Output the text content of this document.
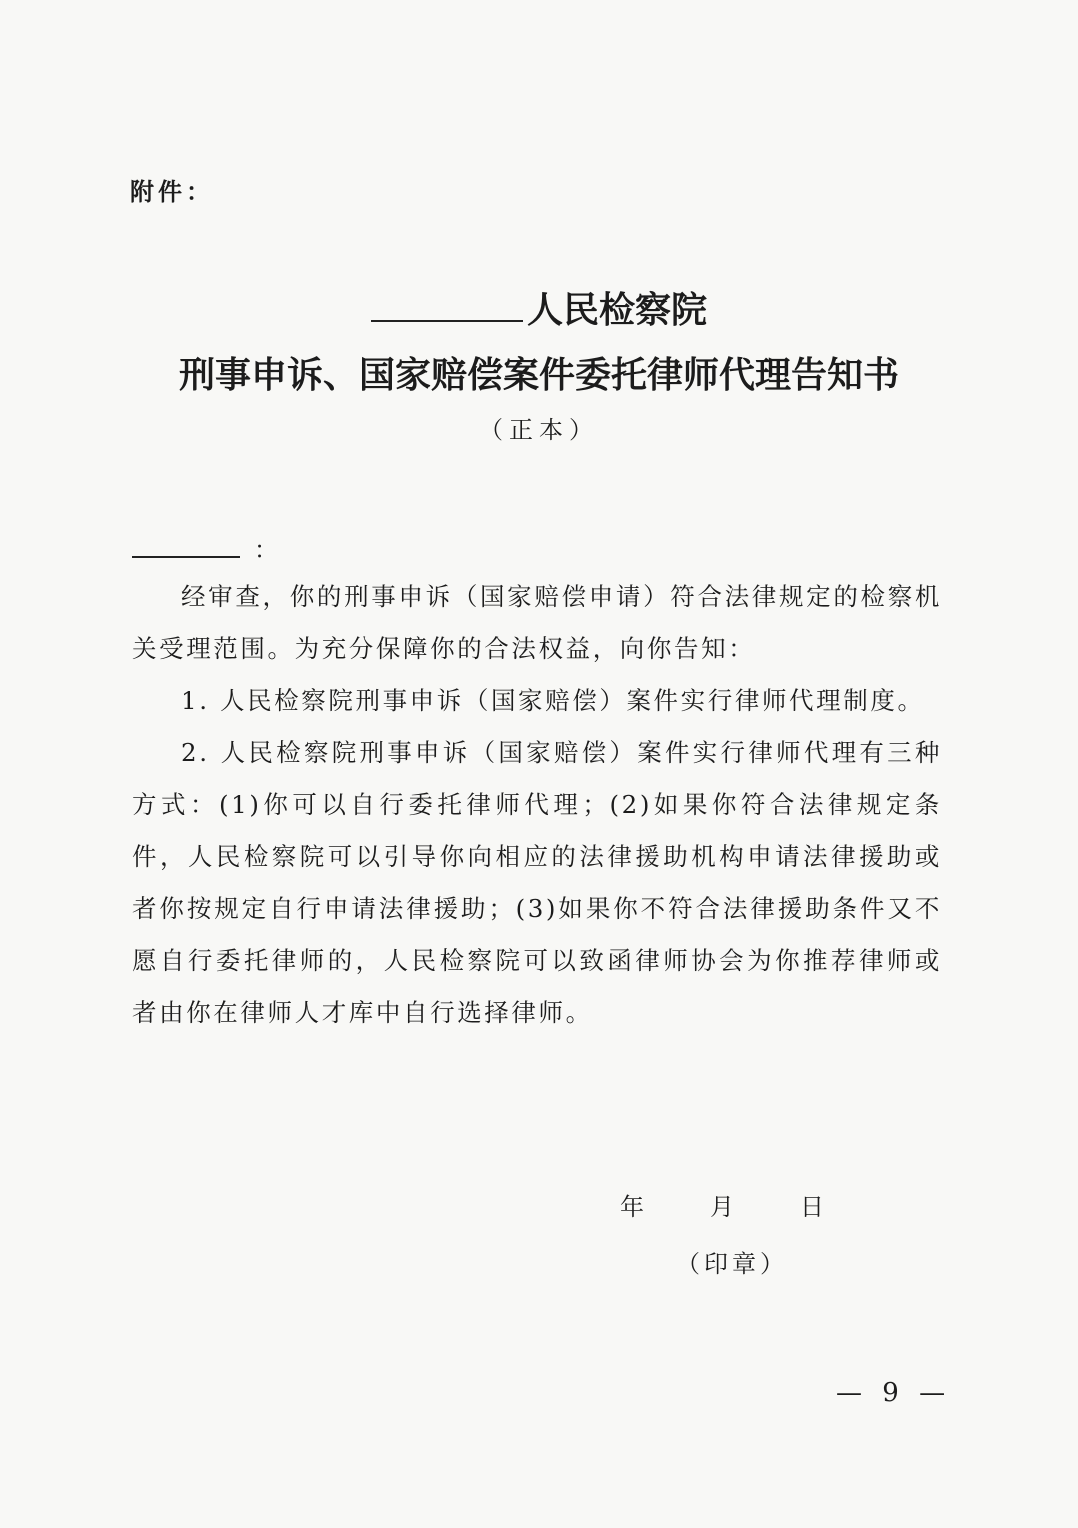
附件：
人民检察院
刑事申诉、国家赔偿案件委托律师代理告知书
（正本）
：

经审查，你的刑事申诉（国家赔偿申请）符合法律规定的检察机关受理范围。为充分保障你的合法权益，向你告知：

1. 人民检察院刑事申诉（国家赔偿）案件实行律师代理制度。

2. 人民检察院刑事申诉（国家赔偿）案件实行律师代理有三种方式：(1)你可以自行委托律师代理；(2)如果你符合法律规定条件，人民检察院可以引导你向相应的法律援助机构申请法律援助或者你按规定自行申请法律援助；(3)如果你不符合法律援助条件又不愿自行委托律师的，人民检察院可以致函律师协会为你推荐律师或者由你在律师人才库中自行选择律师。

年	月	日
（印章）
— 9 —
